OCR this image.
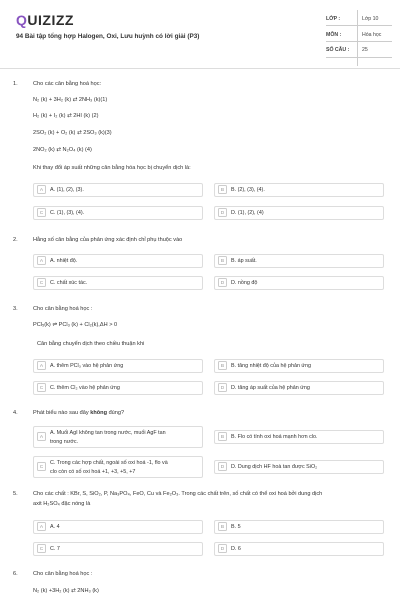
QUIZIZZ
94 Bài tập tổng hợp Halogen, Oxi, Lưu huỳnh có lời giải (P3)
LỚP :	Lớp 10
MÔN :	Hóa học
SỐ CÂU : 25
1.	Cho các cân bằng hoá học:
N₂ (k) + 3H₂ (k) ⇄ 2NH₃ (k)(1)
H₂ (k) + I₂ (k) ⇄ 2HI (k) (2)
2SO₂ (k) + O₂ (k) ⇄ 2SO₃ (k)(3)
2NO₂ (k) ⇄ N₂O₄ (k) (4)
Khi thay đổi áp suất những cân bằng hóa học bị chuyển dịch là:
A	A. (1), (2), (3).	B	B. (2), (3), (4).
C	C. (1), (3), (4).	D	D. (1), (2), (4)
2.	Hằng số cân bằng của phản ứng xác định chỉ phụ thuộc vào
A	A. nhiệt độ.	B	B. áp suất.
C	C. chất xúc tác.	D	D. nồng độ
3.	Cho cân bằng hoá học :
PCl₅(k) ⇌ PCl₃ (k) + Cl₂(k),ΔH > 0
Cân bằng chuyển dịch theo chiều thuận khi
A	A. thêm PCl₃ vào hệ phản ứng	B	B. tăng nhiệt độ của hệ phản ứng
C	C. thêm Cl₂ vào hệ phản ứng	D	D. tăng áp suất của hệ phản ứng
4.	Phát biểu nào sau đây không đúng?
A
A. Muối AgI không tan trong nước, muối AgF tan
trong nước.
B	B. Flo có tính oxi hoá mạnh hơn clo.
C
C. Trong các hợp chất, ngoài số oxi hoá -1, flo và
clo còn có số oxi hoá +1, +3, +5, +7
D	D. Dung dịch HF hoà tan được SiO₂
5.	Cho các chất : KBr, S, SiO₂, P, Na₃PO₄, FeO, Cu và Fe₂O₃. Trong các chất trên, số chất có thể oxi hoá bởi dung dịch
axit H₂SO₄ đặc nóng là
A	A. 4	B	B. 5
C	C. 7	D	D. 6
6.	Cho cân bằng hoá học :
N₂ (k) +3H₂ (k) ⇄ 2NH₃ (k)
